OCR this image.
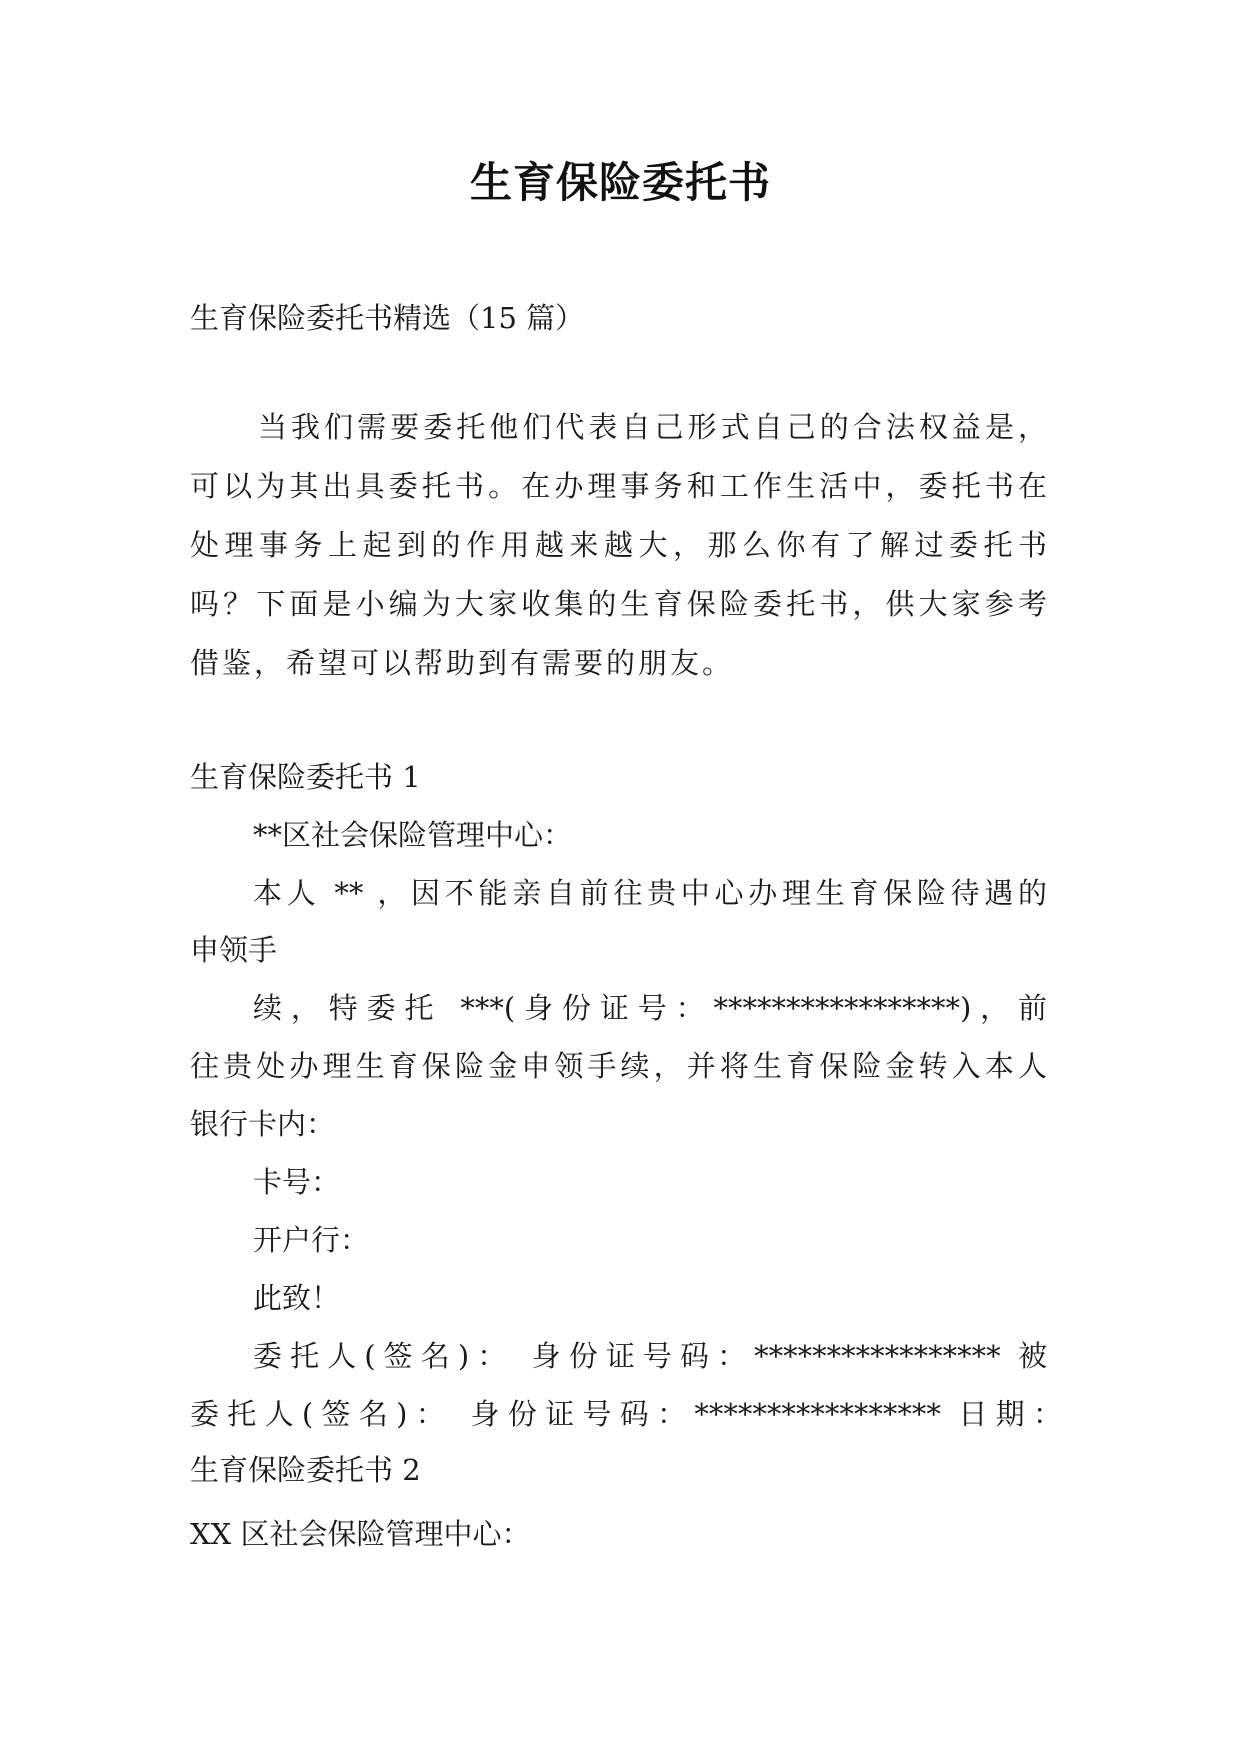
生育保险委托书
生育保险委托书精选（15 篇）
当我们需要委托他们代表自己形式自己的合法权益是，
可以为其出具委托书。在办理事务和工作生活中，委托书在
处理事务上起到的作用越来越大，那么你有了解过委托书
吗？下面是小编为大家收集的生育保险委托书，供大家参考
借鉴，希望可以帮助到有需要的朋友。
生育保险委托书 1
**区社会保险管理中心：
本人 ** ，因不能亲自前往贵中心办理生育保险待遇的
申领手
续，特委托 ***(身份证号：*****************)，前
往贵处办理生育保险金申领手续，并将生育保险金转入本人
银行卡内：
卡号：
开户行：
此致！
委托人(签名)： 身份证号码：***************** 被
委托人(签名)： 身份证号码：***************** 日期：
生育保险委托书 2
XX 区社会保险管理中心：
